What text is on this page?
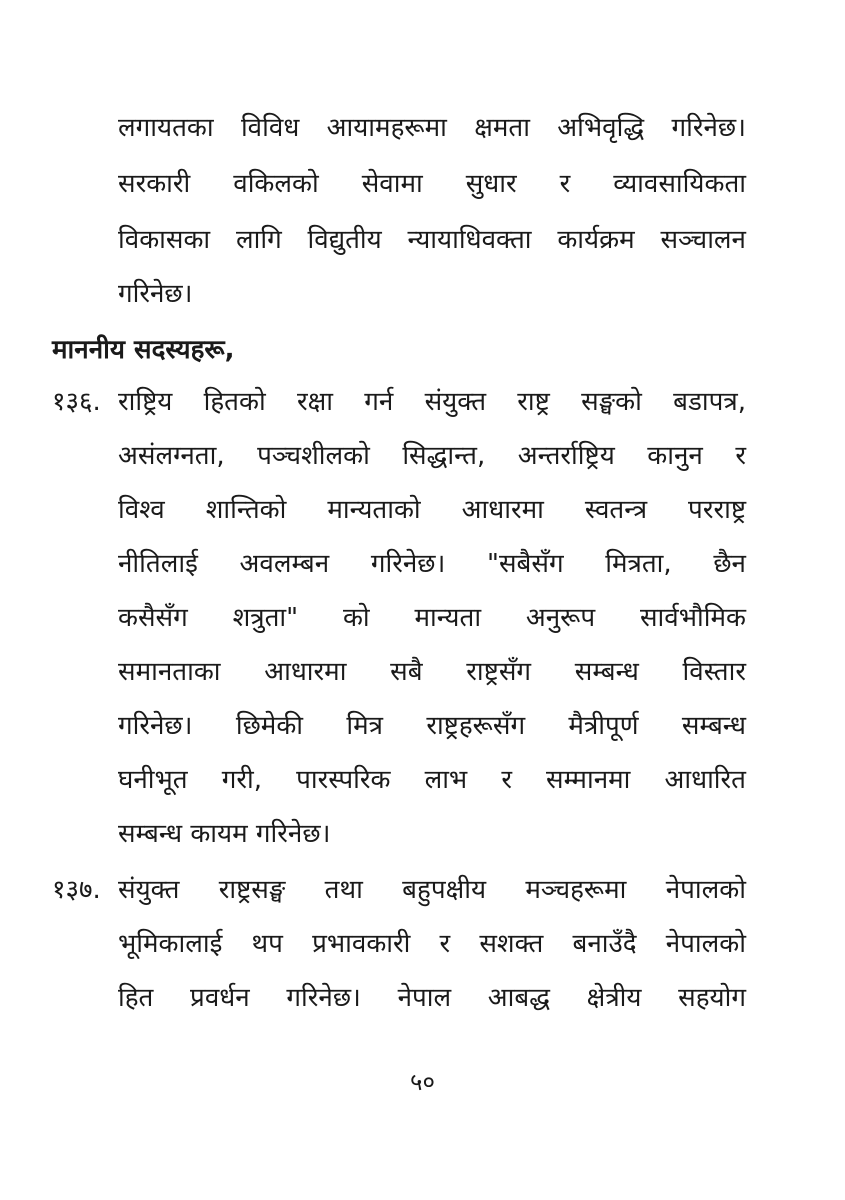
लगायतका विविध आयामहरूमा क्षमता अभिवृद्धि गरिनेछ।
सरकारी वकिलको सेवामा सुधार र व्यावसायिकता
विकासका लागि विद्युतीय न्यायाधिवक्ता कार्यक्रम सञ्चालन
गरिनेछ।
माननीय सदस्यहरू,
१३६. राष्ट्रिय हितको रक्षा गर्न संयुक्त राष्ट्र सङ्घको बडापत्र,
असंलग्नता, पञ्चशीलको सिद्धान्त, अन्तर्राष्ट्रिय कानुन र
विश्व शान्तिको मान्यताको आधारमा स्वतन्त्र परराष्ट्र
नीतिलाई अवलम्बन गरिनेछ। "सबैसँग मित्रता, छैन
कसैसँग शत्रुता" को मान्यता अनुरूप सार्वभौमिक
समानताका आधारमा सबै राष्ट्रसँग सम्बन्ध विस्तार
गरिनेछ। छिमेकी मित्र राष्ट्रहरूसँग मैत्रीपूर्ण सम्बन्ध
घनीभूत गरी, पारस्परिक लाभ र सम्मानमा आधारित
सम्बन्ध कायम गरिनेछ।
१३७. संयुक्त राष्ट्रसङ्घ तथा बहुपक्षीय मञ्चहरूमा नेपालको
भूमिकालाई थप प्रभावकारी र सशक्त बनाउँदै नेपालको
हित प्रवर्धन गरिनेछ। नेपाल आबद्ध क्षेत्रीय सहयोग
५०
